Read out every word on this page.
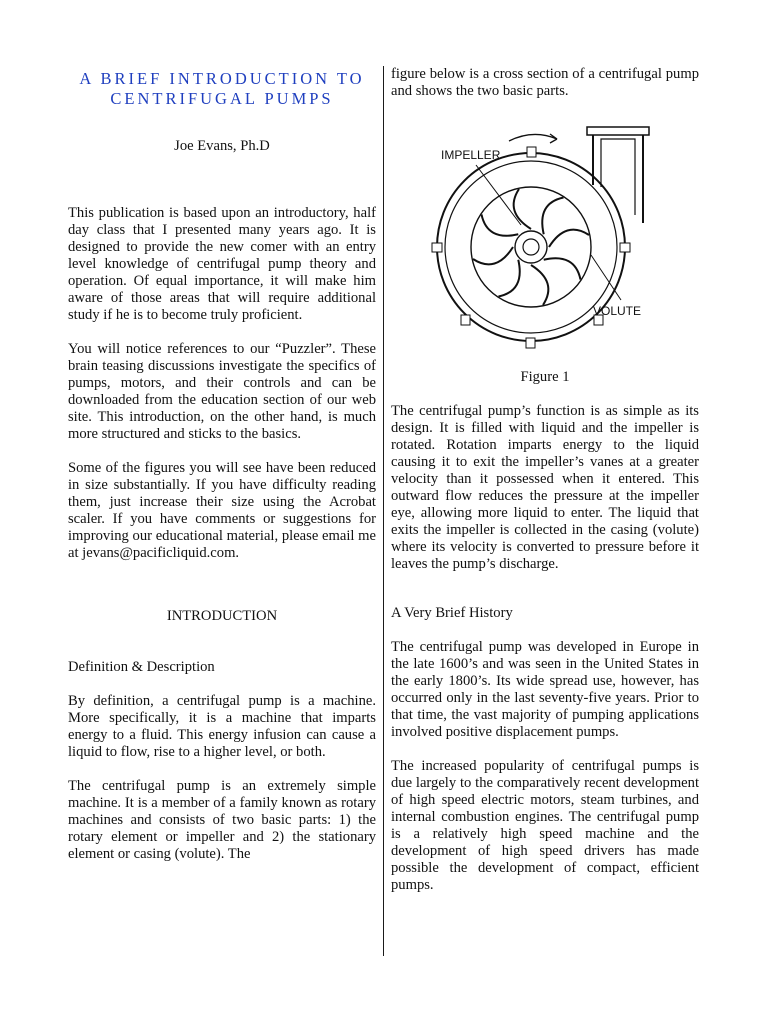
A BRIEF INTRODUCTION TO

CENTRIFUGAL PUMPS

Joe Evans, Ph.D

This publication is based upon an introductory, half day class that I presented many years ago. It is designed to provide the new comer with an entry level knowledge of centrifugal pump theory and operation. Of equal importance, it will make him aware of those areas that will require additional study if he is to become truly proficient.

You will notice references to our “Puzzler”. These brain teasing discussions investigate the specifics of pumps, motors, and their controls and can be downloaded from the education section of our web site. This introduction, on the other hand, is much more structured and sticks to the basics.

Some of the figures you will see have been reduced in size substantially. If you have difficulty reading them, just increase their size using the Acrobat scaler. If you have comments or suggestions for improving our educational material, please email me at jevans@pacificliquid.com.

INTRODUCTION

Definition & Description

By definition, a centrifugal pump is a machine. More specifically, it is a machine that imparts energy to a fluid. This energy infusion can cause a liquid to flow, rise to a higher level, or both.

The centrifugal pump is an extremely simple machine. It is a member of a family known as rotary machines and consists of two basic parts: 1) the rotary element or impeller and 2) the stationary element or casing (volute). The

figure below is a cross section of a centrifugal pump and shows the two basic parts.

IMPELLER
VOLUTE

Figure 1

The centrifugal pump’s function is as simple as its design. It is filled with liquid and the impeller is rotated. Rotation imparts energy to the liquid causing it to exit the impeller’s vanes at a greater velocity than it possessed when it entered. This outward flow reduces the pressure at the impeller eye, allowing more liquid to enter. The liquid that exits the impeller is collected in the casing (volute) where its velocity is converted to pressure before it leaves the pump’s discharge.

A Very Brief History

The centrifugal pump was developed in Europe in the late 1600’s and was seen in the United States in the early 1800’s. Its wide spread use, however, has occurred only in the last seventy-five years. Prior to that time, the vast majority of pumping applications involved positive displacement pumps.

The increased popularity of centrifugal pumps is due largely to the comparatively recent development of high speed electric motors, steam turbines, and internal combustion engines. The centrifugal pump is a relatively high speed machine and the development of high speed drivers has made possible the development of compact, efficient pumps.
